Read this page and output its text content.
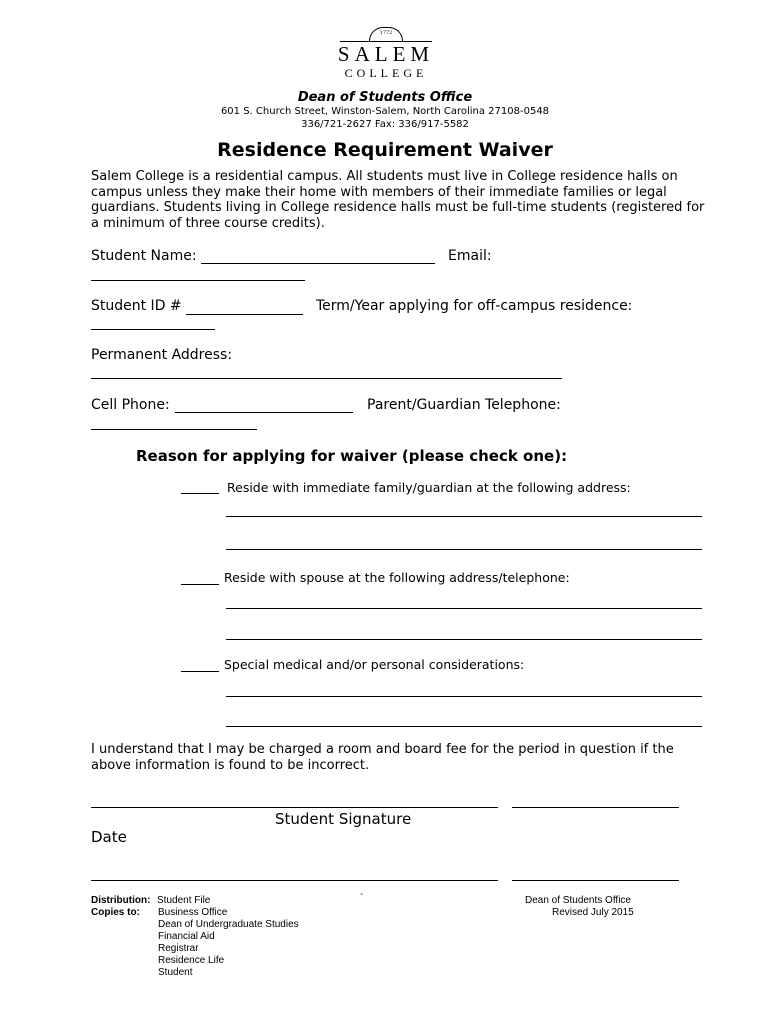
1772
SALEM
COLLEGE
Dean of Students Office
601 S. Church Street, Winston-Salem, North Carolina 27108-0548
336/721-2627 Fax: 336/917-5582
Residence Requirement Waiver
Salem College is a residential campus. All students must live in College residence halls on campus unless they make their home with members of their immediate families or legal guardians. Students living in College residence halls must be full-time students (registered for a minimum of three course credits).
Student Name:	Email:
Student ID #	Term/Year applying for off-campus residence:
Permanent Address:
Cell Phone:	Parent/Guardian Telephone:
Reason for applying for waiver (please check one):
Reside with immediate family/guardian at the following address:
Reside with spouse at the following address/telephone:
Special medical and/or personal considerations:
I understand that I may be charged a room and board fee for the period in question if the above information is found to be incorrect.
Student Signature
Date
Distribution: Student File
Copies to: Business Office
Dean of Undergraduate Studies
Financial Aid
Registrar
Residence Life
Student
`	Dean of Students Office
Revised July 2015
